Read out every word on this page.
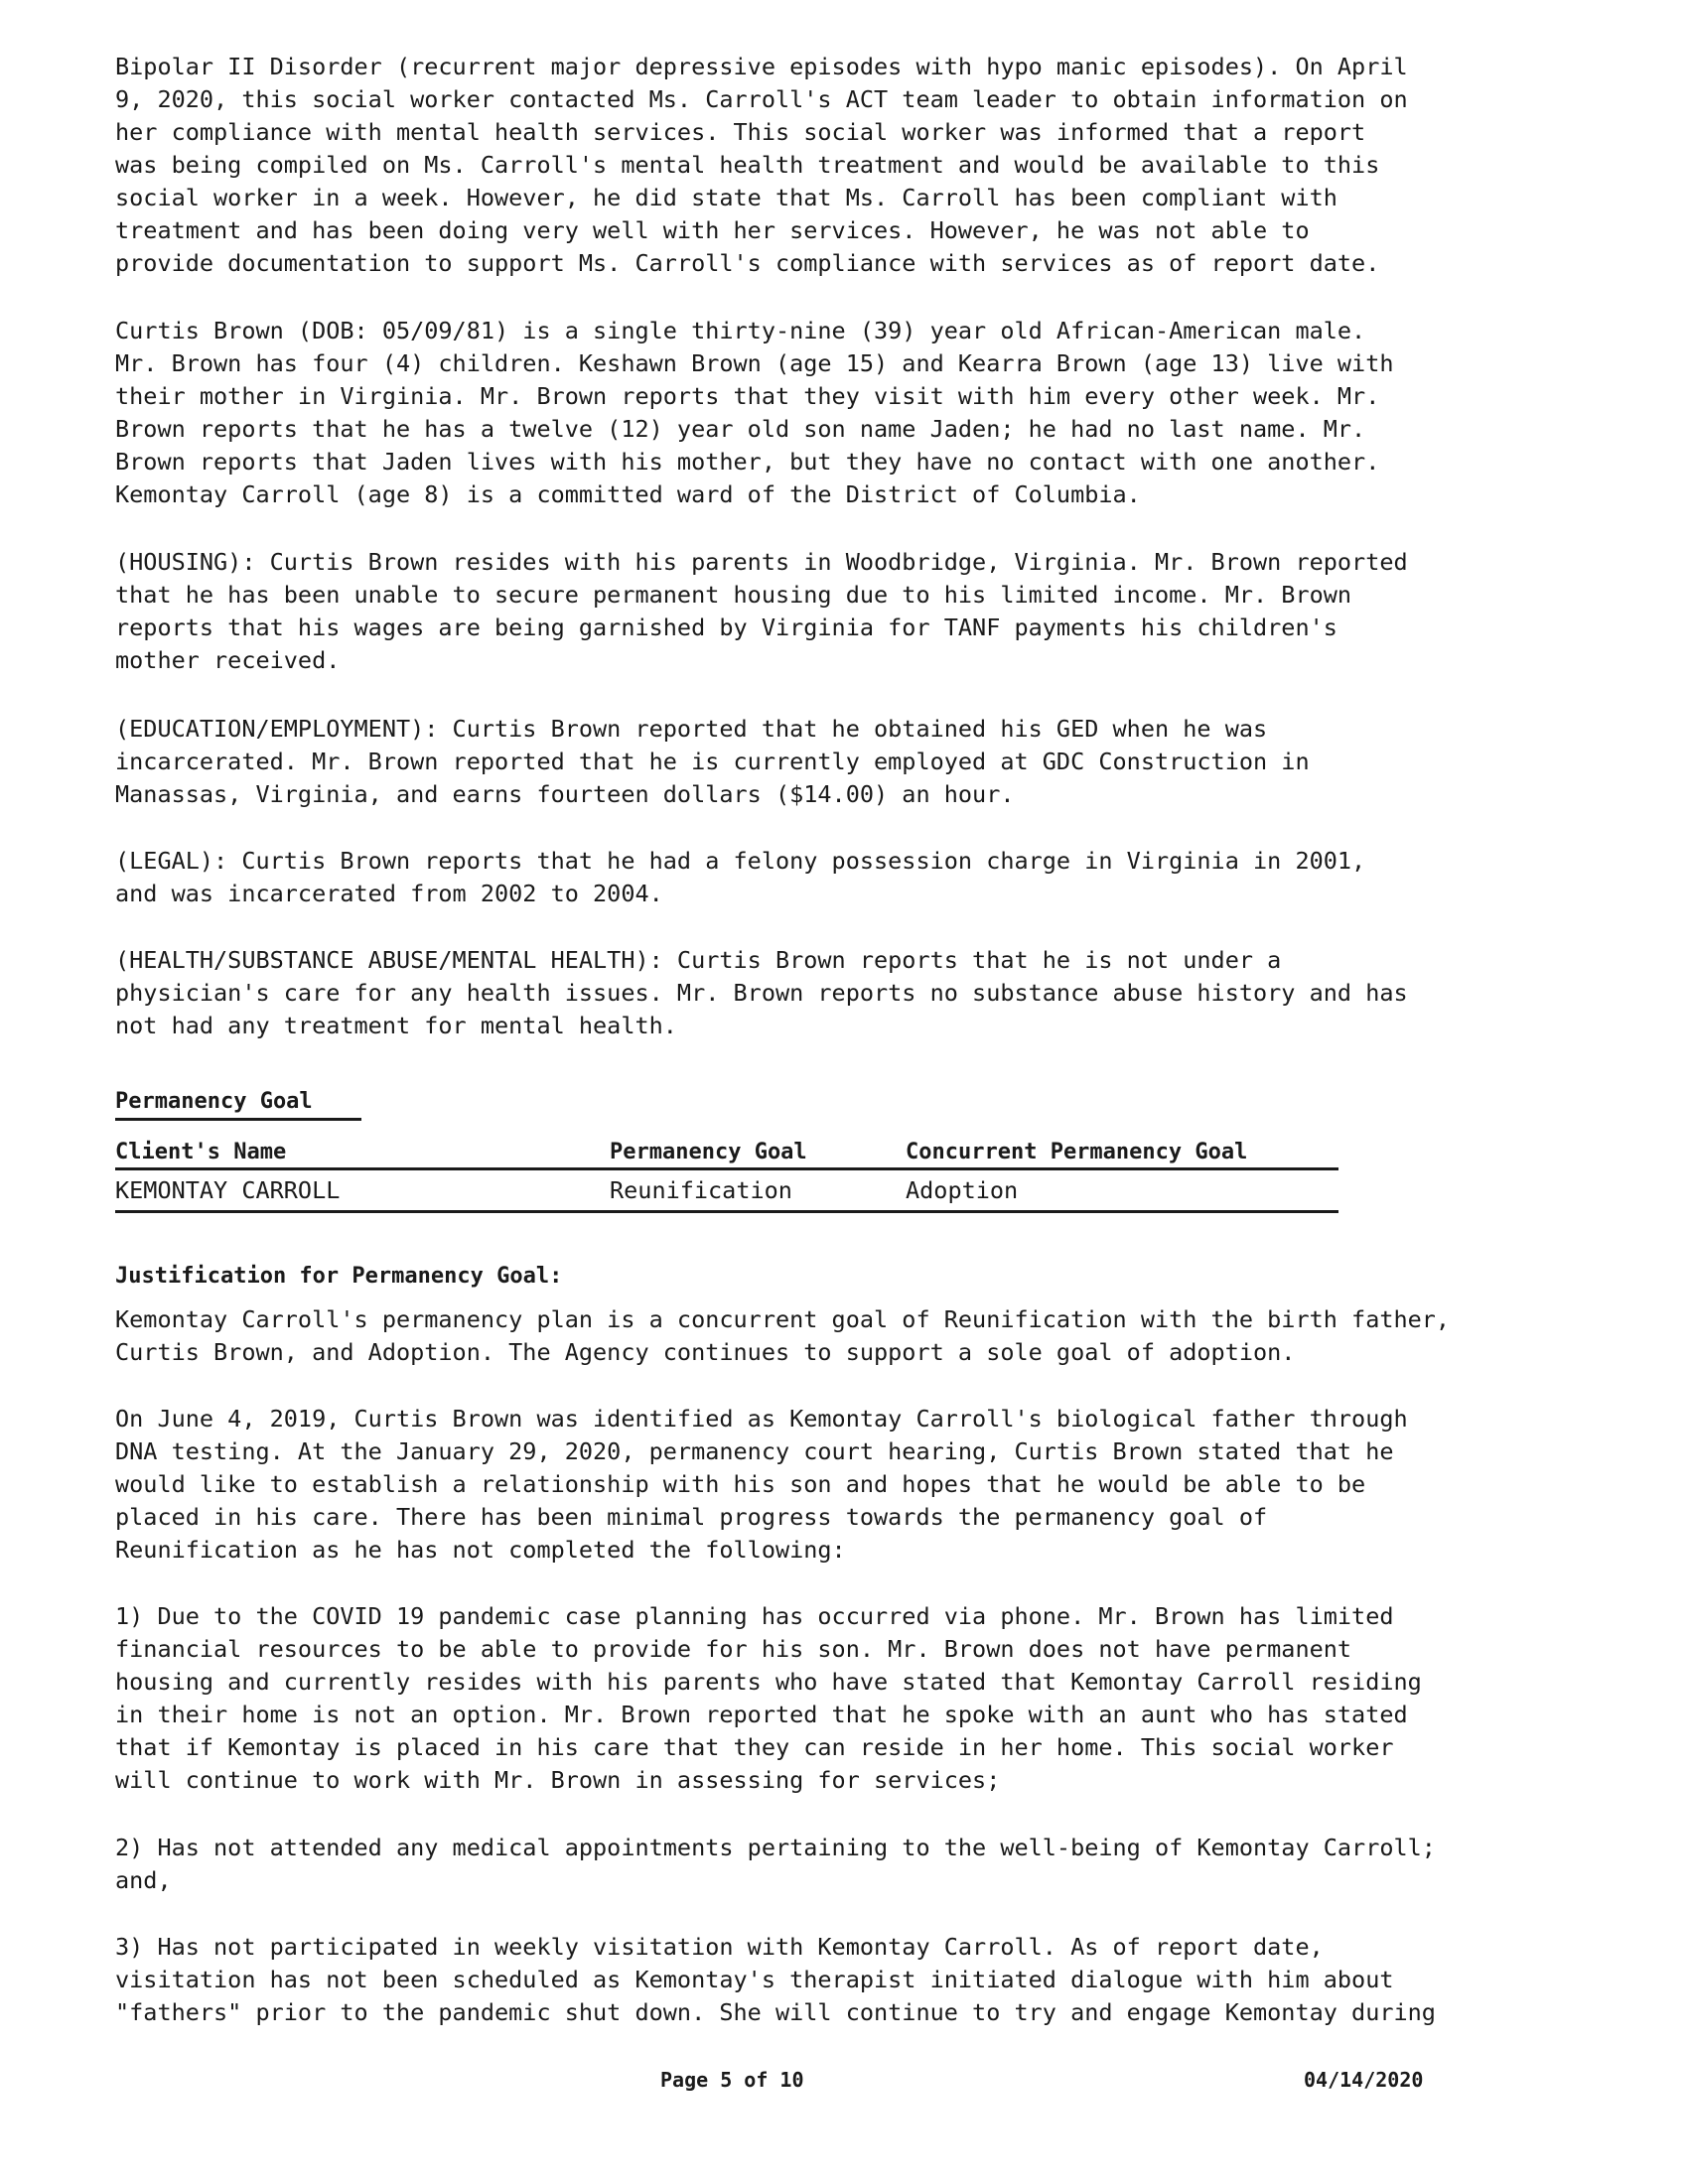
Bipolar II Disorder (recurrent major depressive episodes with hypo manic episodes). On April
9, 2020, this social worker contacted Ms. Carroll's ACT team leader to obtain information on
her compliance with mental health services. This social worker was informed that a report
was being compiled on Ms. Carroll's mental health treatment and would be available to this
social worker in a week. However, he did state that Ms. Carroll has been compliant with
treatment and has been doing very well with her services. However, he was not able to
provide documentation to support Ms. Carroll's compliance with services as of report date.

Curtis Brown (DOB: 05/09/81) is a single thirty-nine (39) year old African-American male.
Mr. Brown has four (4) children. Keshawn Brown (age 15) and Kearra Brown (age 13) live with
their mother in Virginia. Mr. Brown reports that they visit with him every other week. Mr.
Brown reports that he has a twelve (12) year old son name Jaden; he had no last name. Mr.
Brown reports that Jaden lives with his mother, but they have no contact with one another.
Kemontay Carroll (age 8) is a committed ward of the District of Columbia.

(HOUSING): Curtis Brown resides with his parents in Woodbridge, Virginia. Mr. Brown reported
that he has been unable to secure permanent housing due to his limited income. Mr. Brown
reports that his wages are being garnished by Virginia for TANF payments his children's
mother received.

(EDUCATION/EMPLOYMENT): Curtis Brown reported that he obtained his GED when he was
incarcerated. Mr. Brown reported that he is currently employed at GDC Construction in
Manassas, Virginia, and earns fourteen dollars ($14.00) an hour.

(LEGAL): Curtis Brown reports that he had a felony possession charge in Virginia in 2001,
and was incarcerated from 2002 to 2004.

(HEALTH/SUBSTANCE ABUSE/MENTAL HEALTH): Curtis Brown reports that he is not under a
physician's care for any health issues. Mr. Brown reports no substance abuse history and has
not had any treatment for mental health.

Permanency Goal
Client's Name	Permanency Goal	Concurrent Permanency Goal
KEMONTAY CARROLL	Reunification	Adoption
Justification for Permanency Goal:

Kemontay Carroll's permanency plan is a concurrent goal of Reunification with the birth father,
Curtis Brown, and Adoption. The Agency continues to support a sole goal of adoption.

On June 4, 2019, Curtis Brown was identified as Kemontay Carroll's biological father through
DNA testing. At the January 29, 2020, permanency court hearing, Curtis Brown stated that he
would like to establish a relationship with his son and hopes that he would be able to be
placed in his care. There has been minimal progress towards the permanency goal of
Reunification as he has not completed the following:

1) Due to the COVID 19 pandemic case planning has occurred via phone. Mr. Brown has limited
financial resources to be able to provide for his son. Mr. Brown does not have permanent
housing and currently resides with his parents who have stated that Kemontay Carroll residing
in their home is not an option. Mr. Brown reported that he spoke with an aunt who has stated
that if Kemontay is placed in his care that they can reside in her home. This social worker
will continue to work with Mr. Brown in assessing for services;

2) Has not attended any medical appointments pertaining to the well-being of Kemontay Carroll;
and,

3) Has not participated in weekly visitation with Kemontay Carroll. As of report date,
visitation has not been scheduled as Kemontay's therapist initiated dialogue with him about
"fathers" prior to the pandemic shut down. She will continue to try and engage Kemontay during

Page 5 of 10	04/14/2020
